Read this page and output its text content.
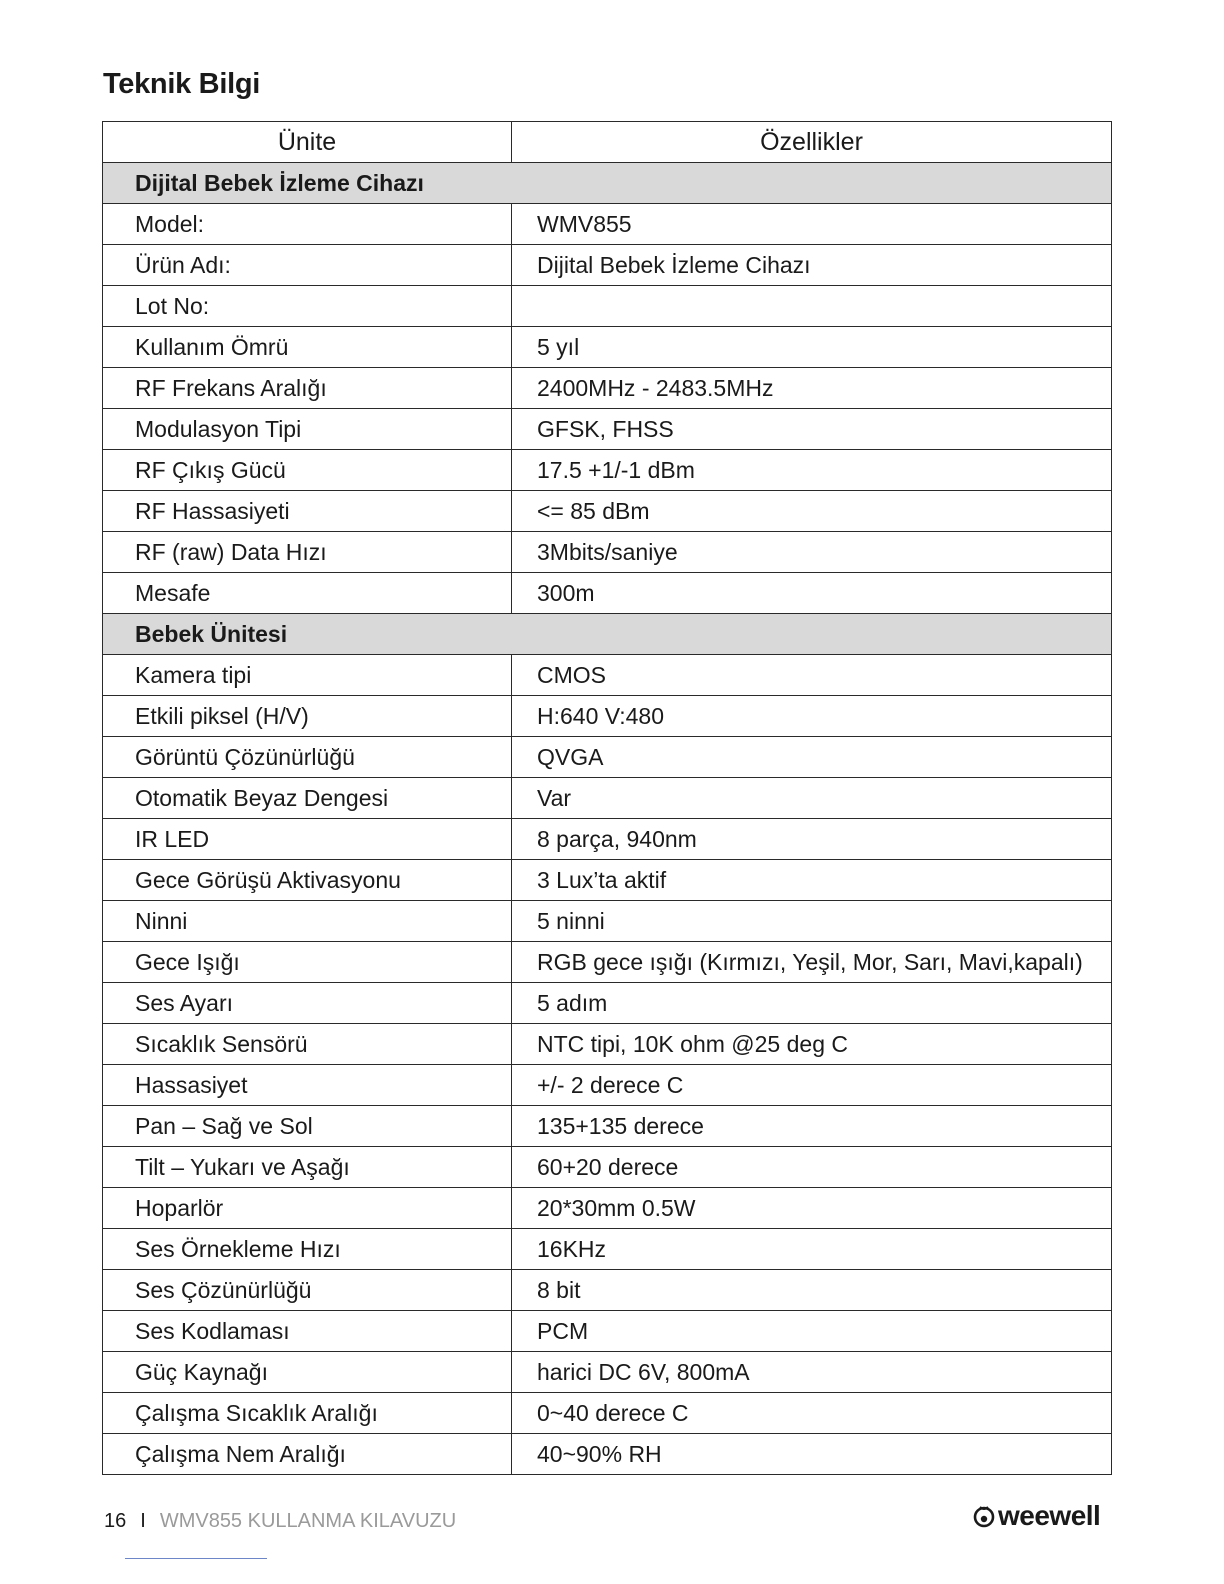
Teknik Bilgi
Ünite	Özellikler
Dijital Bebek İzleme Cihazı	
Model:	WMV855
Ürün Adı:	Dijital Bebek İzleme Cihazı
Lot No:	
Kullanım Ömrü	5 yıl
RF Frekans Aralığı	2400MHz - 2483.5MHz
Modulasyon Tipi	GFSK, FHSS
RF Çıkış Gücü	17.5 +1/-1 dBm
RF Hassasiyeti	<= 85 dBm
RF (raw) Data Hızı	3Mbits/saniye
Mesafe	300m
Bebek Ünitesi	
Kamera tipi	CMOS
Etkili piksel (H/V)	H:640 V:480
Görüntü Çözünürlüğü	QVGA
Otomatik Beyaz Dengesi	Var
IR LED	8 parça, 940nm
Gece Görüşü Aktivasyonu	3 Lux’ta aktif
Ninni	5 ninni
Gece Işığı	RGB gece ışığı (Kırmızı, Yeşil, Mor, Sarı, Mavi,kapalı)
Ses Ayarı	5 adım
Sıcaklık Sensörü	NTC tipi, 10K ohm @25 deg C
Hassasiyet	+/- 2 derece C
Pan – Sağ ve Sol	135+135 derece
Tilt – Yukarı ve Aşağı	60+20 derece
Hoparlör	20*30mm 0.5W
Ses Örnekleme Hızı	16KHz
Ses Çözünürlüğü	8 bit
Ses Kodlaması	PCM
Güç Kaynağı	harici DC 6V, 800mA
Çalışma Sıcaklık Aralığı	0~40 derece C
Çalışma Nem Aralığı	40~90% RH
16 I WMV855 KULLANMA KILAVUZU	weewell
